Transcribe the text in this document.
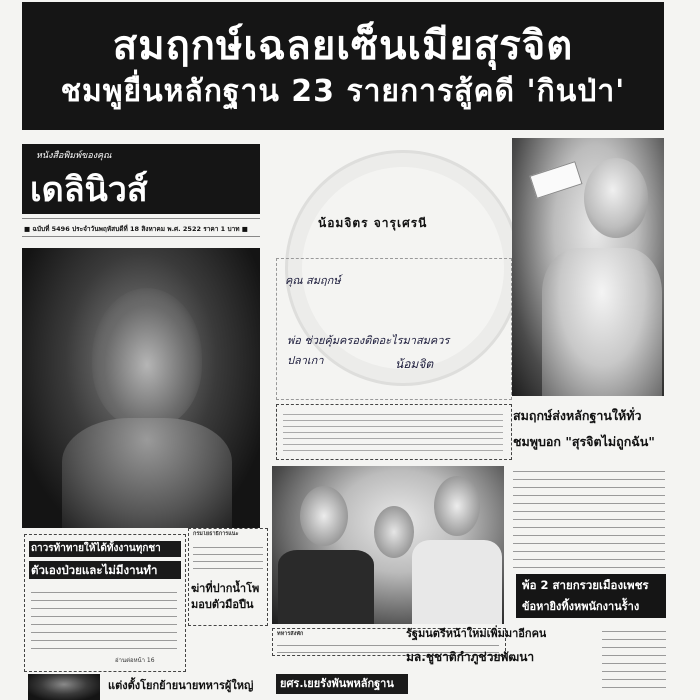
สมฤกษ์เฉลยเซ็นเมียสุรจิต
ชมพูยื่นหลักฐาน 23 รายการสู้คดี 'กินป่า'
หนังสือพิมพ์ของคุณ
เดลินิวส์
■ ฉบับที่ 5496 ประจำวันพฤหัสบดีที่ 18 สิงหาคม พ.ศ. 2522 ราคา 1 บาท ■	น้อมจิตร จารุเศรนี
คุณ สมฤกษ์
พ่อ ช่วยคุ้มครองติดอะไรมาสมควร
ปลาเกา	น้อมจิต
สมฤกษ์ส่งหลักฐานให้ทั่ว
ชมพูบอก "สุรจิตไม่ถูกฉัน"
ถาวรท้าทายให้ได้ทั้งงานทุกชา
ตัวเองป่วยและไม่มีงานทำ
อ่านต่อหน้า 16
กรมโยธาธิการแนะ
ฆ่าที่ปากน้ำโพ
มอบตัวมือปืน
ทหารสั่งพัก	รัฐมนตรีหน้าใหม่เพิ่มมาอีกคน
มล.ชูชาติกำภูช่วยพัฒนา
พ้อ 2 สายกรวยเมืองเพชร
ข้อหายิงทิ้งหพนักงานร้ัาง
แต่งตั้งโยกย้ายนายทหารผู้ใหญ่	ยศร.เยยรังพันพหลักฐาน
